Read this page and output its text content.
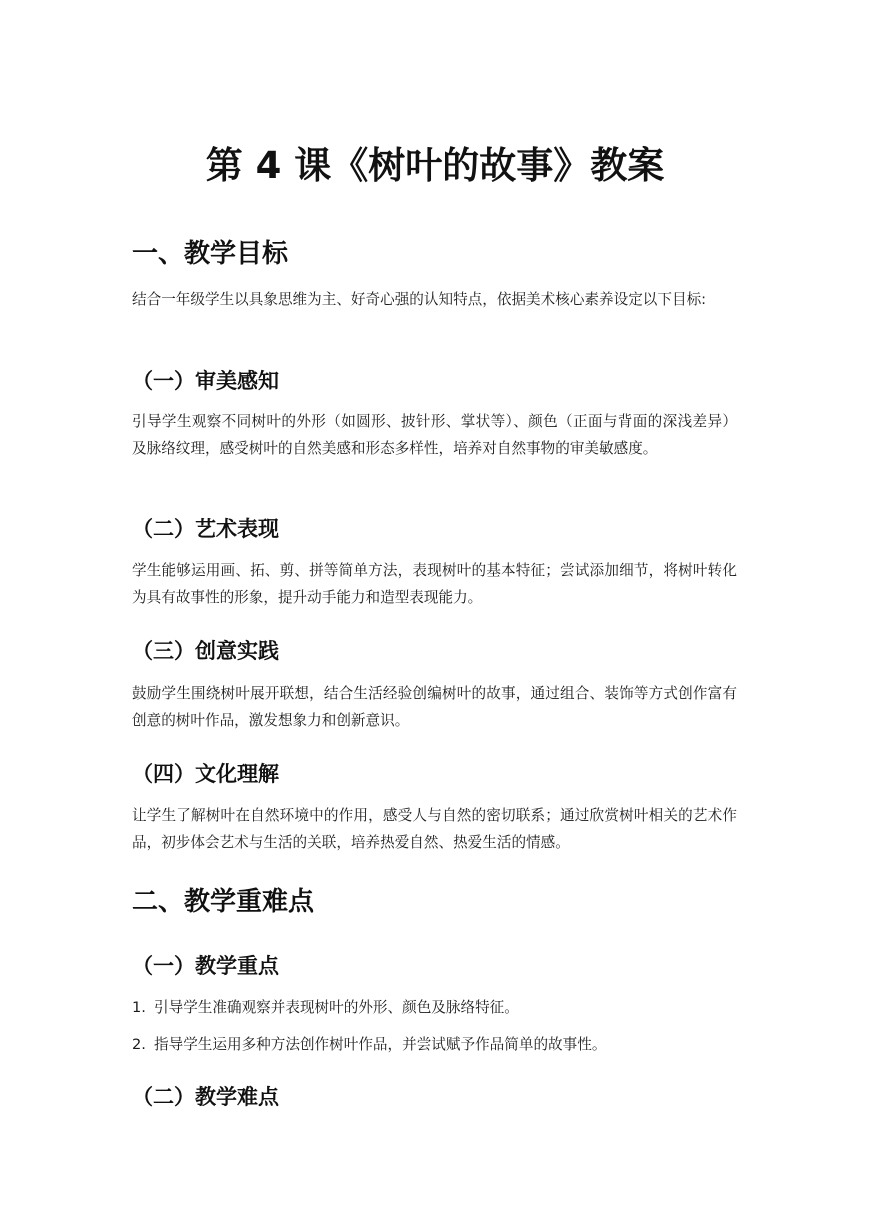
第 4 课《树叶的故事》教案
一、教学目标

结合一年级学生以具象思维为主、好奇心强的认知特点，依据美术核心素养设定以下目标:

（一）审美感知

引导学生观察不同树叶的外形（如圆形、披针形、掌状等）、颜色（正面与背面的深浅差异）及脉络纹理，感受树叶的自然美感和形态多样性，培养对自然事物的审美敏感度。

（二）艺术表现

学生能够运用画、拓、剪、拼等简单方法，表现树叶的基本特征；尝试添加细节，将树叶转化为具有故事性的形象，提升动手能力和造型表现能力。

（三）创意实践

鼓励学生围绕树叶展开联想，结合生活经验创编树叶的故事，通过组合、装饰等方式创作富有创意的树叶作品，激发想象力和创新意识。

（四）文化理解

让学生了解树叶在自然环境中的作用，感受人与自然的密切联系；通过欣赏树叶相关的艺术作品，初步体会艺术与生活的关联，培养热爱自然、热爱生活的情感。

二、教学重难点
（一）教学重点

1. 引导学生准确观察并表现树叶的外形、颜色及脉络特征。

2. 指导学生运用多种方法创作树叶作品，并尝试赋予作品简单的故事性。

（二）教学难点
